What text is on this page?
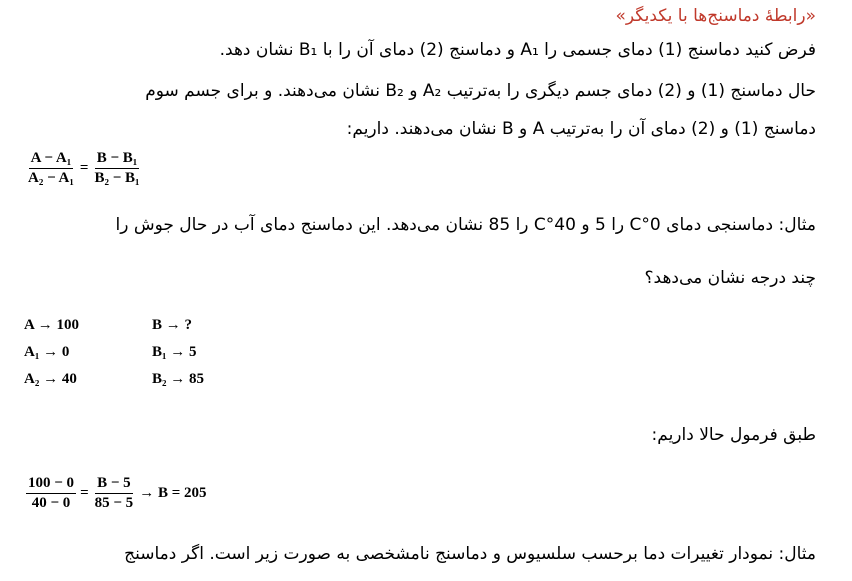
«رابطهٔ دماسنج‌ها با یکدیگر»
فرض کنید دماسنج (1) دمای جسمی را A₁ و دماسنج (2) دمای آن را با B₁ نشان دهد.
حال دماسنج (1) و (2) دمای جسم دیگری را به‌ترتیب A₂ و B₂ نشان می‌دهند. و برای جسم سوم
دماسنج (1) و (2) دمای آن را به‌ترتیب A و B نشان می‌دهند. داریم:
$\frac{\text{A − A₁}}{\text{A₂ − A₁}} = \frac{\text{B − B₁}}{\text{B₂ − B₁}}$
مثال: دماسنجی دمای 0°C را 5 و 40°C را 85 نشان می‌دهد. این دماسنج دمای آب در حال جوش را
چند درجه نشان می‌دهد؟
A → 100
A₁ → 0
A₂ → 40
B → ?
B₁ → 5
B₂ → 85
طبق فرمول حالا داریم:
$\frac{100 - 0}{40 - 0} = \frac{B - 5}{85 - 5} \to B = 205$
مثال: نمودار تغییرات دما برحسب سلسیوس و دماسنج نامشخصی به صورت زیر است. اگر دماسنج
